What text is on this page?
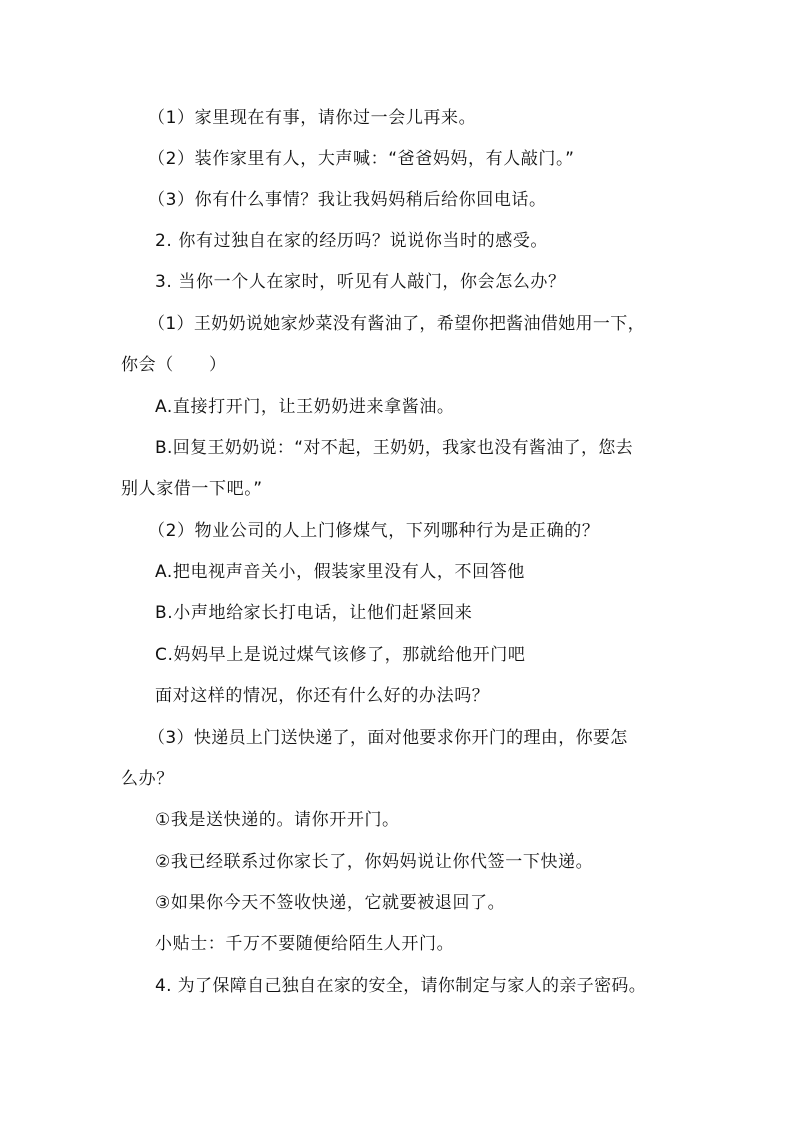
（1）家里现在有事，请你过一会儿再来。
（2）装作家里有人，大声喊：“爸爸妈妈，有人敲门。”
（3）你有什么事情？我让我妈妈稍后给你回电话。
2. 你有过独自在家的经历吗？说说你当时的感受。
3. 当你一个人在家时，听见有人敲门，你会怎么办？
（1）王奶奶说她家炒菜没有酱油了，希望你把酱油借她用一下，
你会（　　）
A.直接打开门，让王奶奶进来拿酱油。
B.回复王奶奶说：“对不起，王奶奶，我家也没有酱油了，您去
别人家借一下吧。”
（2）物业公司的人上门修煤气，下列哪种行为是正确的？
A.把电视声音关小，假装家里没有人，不回答他
B.小声地给家长打电话，让他们赶紧回来
C.妈妈早上是说过煤气该修了，那就给他开门吧
面对这样的情况，你还有什么好的办法吗？
（3）快递员上门送快递了，面对他要求你开门的理由，你要怎
么办？
①我是送快递的。请你开开门。
②我已经联系过你家长了，你妈妈说让你代签一下快递。
③如果你今天不签收快递，它就要被退回了。
小贴士：千万不要随便给陌生人开门。
4. 为了保障自己独自在家的安全，请你制定与家人的亲子密码。
